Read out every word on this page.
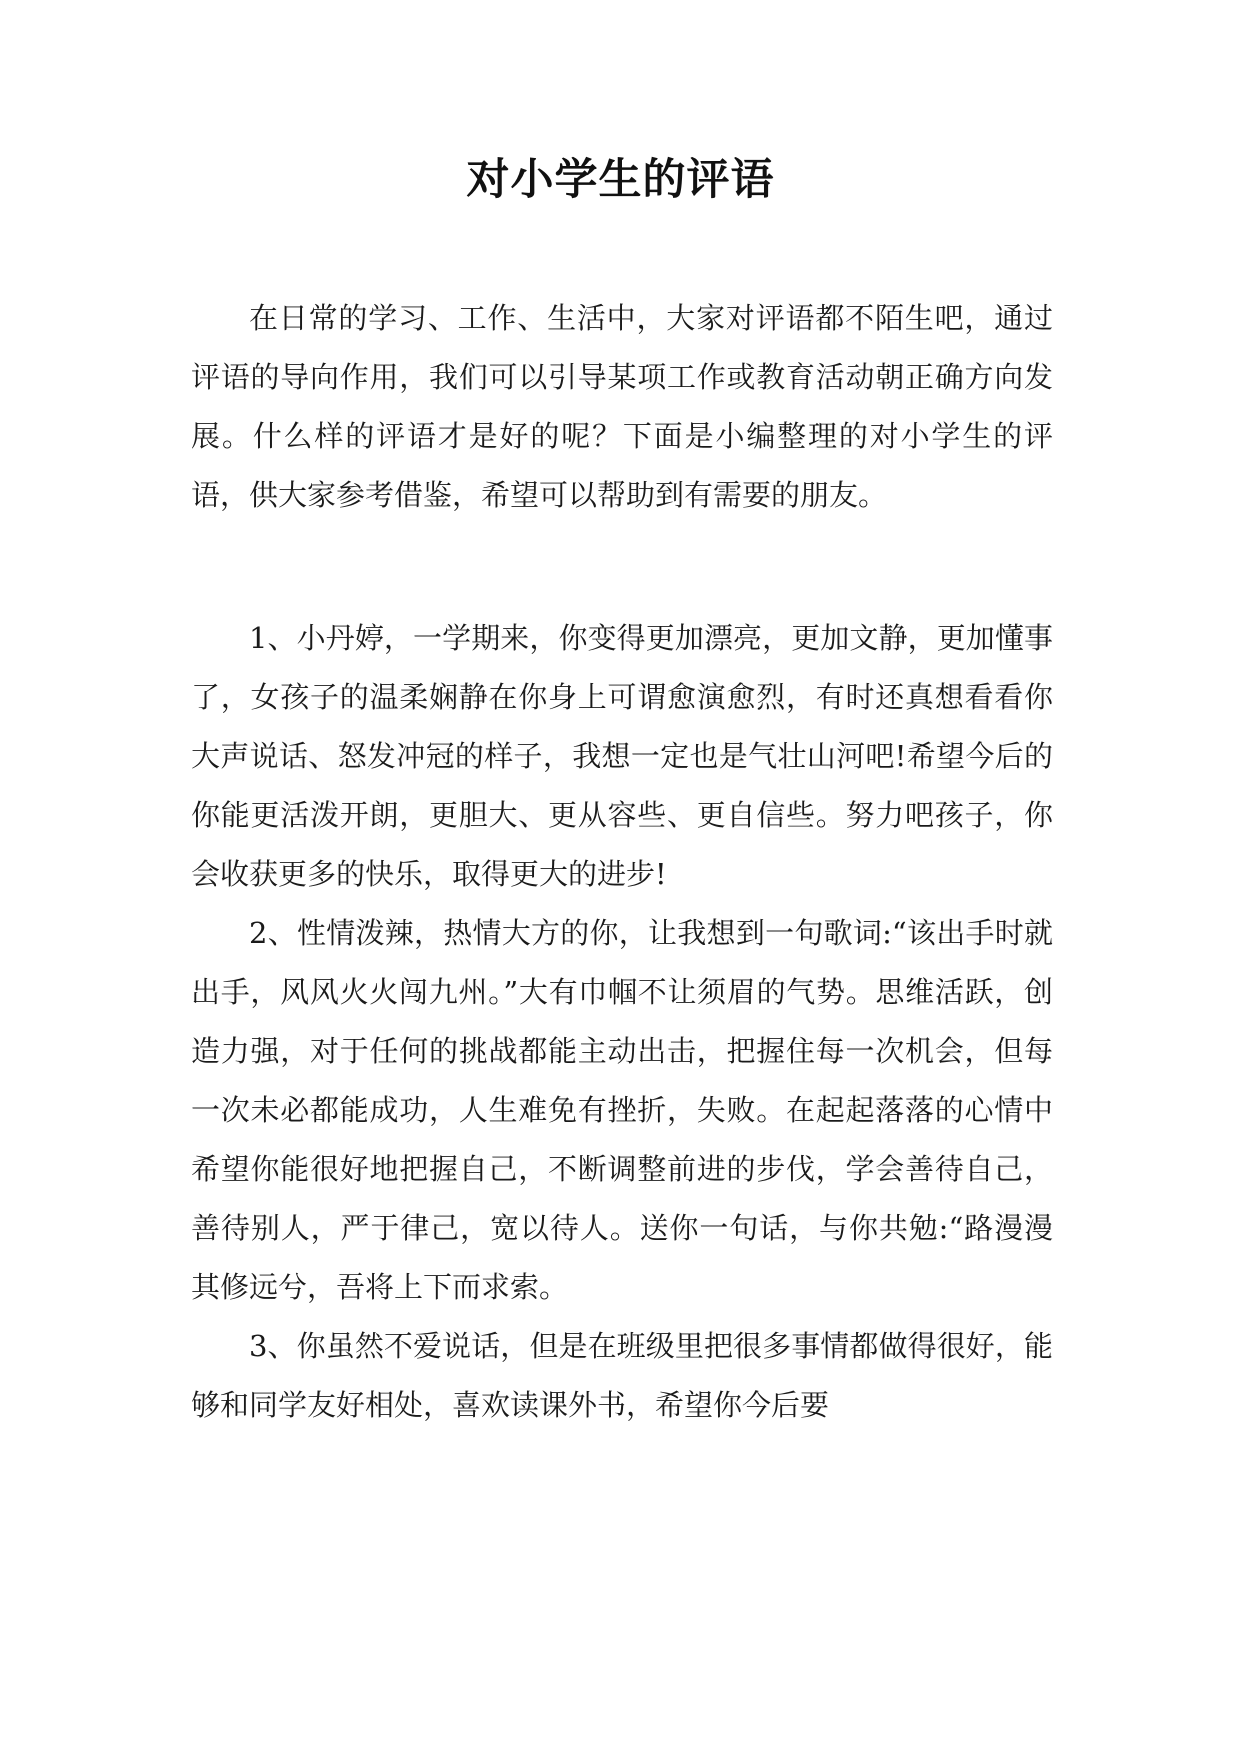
对小学生的评语

在日常的学习、工作、生活中，大家对评语都不陌生吧，通过评语的导向作用，我们可以引导某项工作或教育活动朝正确方向发展。什么样的评语才是好的呢？下面是小编整理的对小学生的评语，供大家参考借鉴，希望可以帮助到有需要的朋友。

1、小丹婷，一学期来，你变得更加漂亮，更加文静，更加懂事了，女孩子的温柔娴静在你身上可谓愈演愈烈，有时还真想看看你大声说话、怒发冲冠的样子，我想一定也是气壮山河吧!希望今后的你能更活泼开朗，更胆大、更从容些、更自信些。努力吧孩子，你会收获更多的快乐，取得更大的进步!

2、性情泼辣，热情大方的你，让我想到一句歌词:“该出手时就出手，风风火火闯九州。”大有巾帼不让须眉的气势。思维活跃，创造力强，对于任何的挑战都能主动出击，把握住每一次机会，但每一次未必都能成功，人生难免有挫折，失败。在起起落落的心情中希望你能很好地把握自己，不断调整前进的步伐，学会善待自己，善待别人，严于律己，宽以待人。送你一句话，与你共勉:“路漫漫其修远兮，吾将上下而求索。

3、你虽然不爱说话，但是在班级里把很多事情都做得很好，能够和同学友好相处，喜欢读课外书，希望你今后要
